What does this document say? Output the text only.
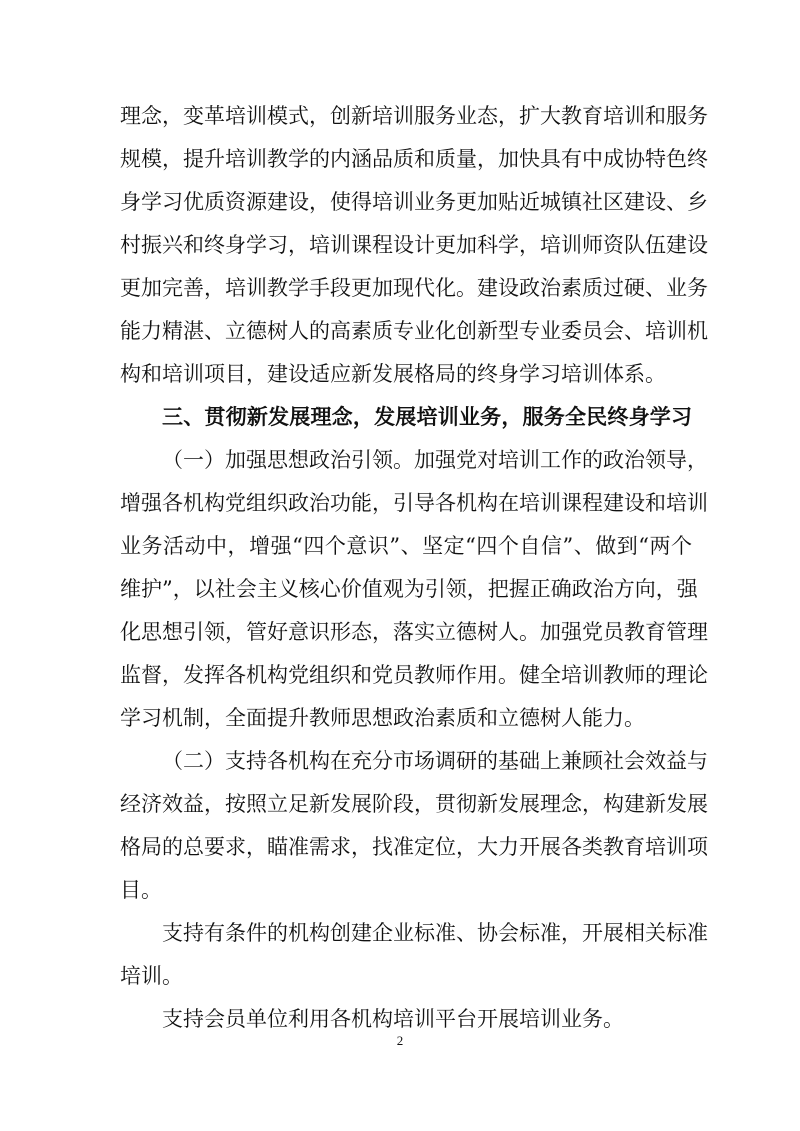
理念，变革培训模式，创新培训服务业态，扩大教育培训和服务
规模，提升培训教学的内涵品质和质量，加快具有中成协特色终
身学习优质资源建设，使得培训业务更加贴近城镇社区建设、乡
村振兴和终身学习，培训课程设计更加科学，培训师资队伍建设
更加完善，培训教学手段更加现代化。建设政治素质过硬、业务
能力精湛、立德树人的高素质专业化创新型专业委员会、培训机
构和培训项目，建设适应新发展格局的终身学习培训体系。
三、贯彻新发展理念，发展培训业务，服务全民终身学习
（一）加强思想政治引领。加强党对培训工作的政治领导，
增强各机构党组织政治功能，引导各机构在培训课程建设和培训
业务活动中，增强“四个意识”、坚定“四个自信”、做到“两个
维护”，以社会主义核心价值观为引领，把握正确政治方向，强
化思想引领，管好意识形态，落实立德树人。加强党员教育管理
监督，发挥各机构党组织和党员教师作用。健全培训教师的理论
学习机制，全面提升教师思想政治素质和立德树人能力。
（二）支持各机构在充分市场调研的基础上兼顾社会效益与
经济效益，按照立足新发展阶段，贯彻新发展理念，构建新发展
格局的总要求，瞄准需求，找准定位，大力开展各类教育培训项
目。
支持有条件的机构创建企业标准、协会标准，开展相关标准
培训。
支持会员单位利用各机构培训平台开展培训业务。
2
